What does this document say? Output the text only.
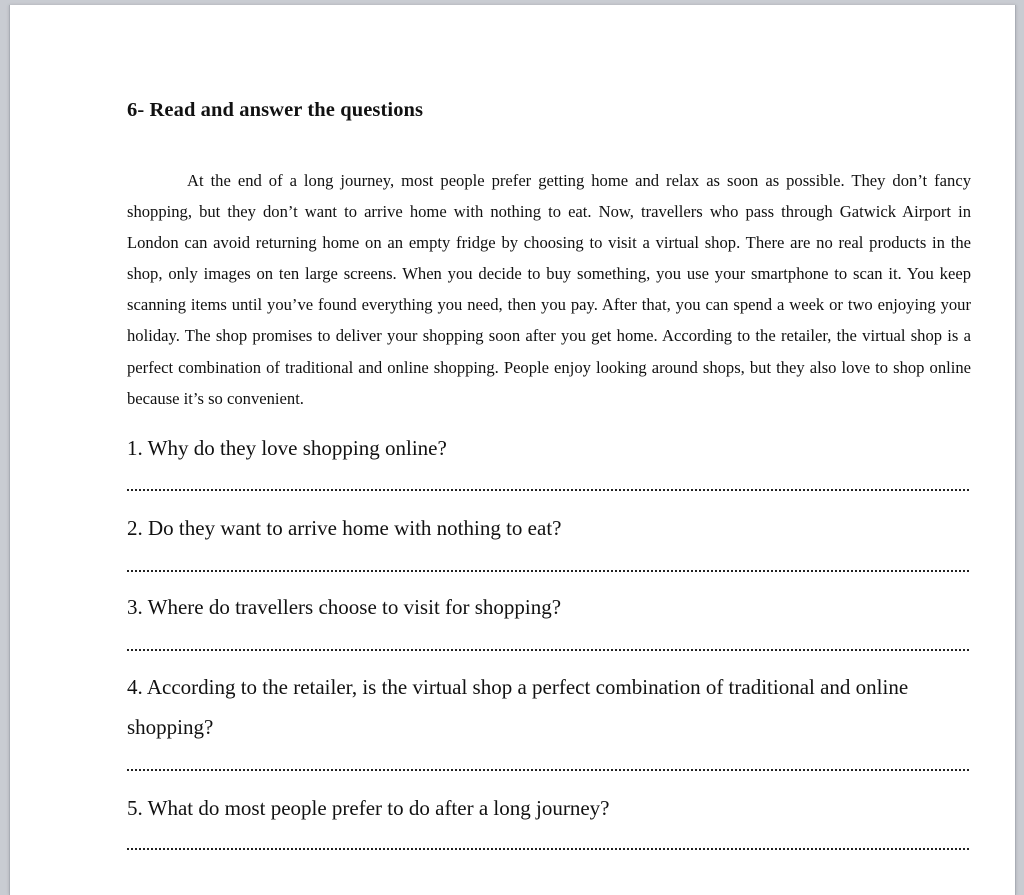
6- Read and answer the questions

At the end of a long journey, most people prefer getting home and relax as soon as possible. They don’t fancy shopping, but they don’t want to arrive home with nothing to eat. Now, travellers who pass through Gatwick Airport in London can avoid returning home on an empty fridge by choosing to visit a virtual shop. There are no real products in the shop, only images on ten large screens. When you decide to buy something, you use your smartphone to scan it. You keep scanning items until you’ve found everything you need, then you pay. After that, you can spend a week or two enjoying your holiday. The shop promises to deliver your shopping soon after you get home. According to the retailer, the virtual shop is a perfect combination of traditional and online shopping. People enjoy looking around shops, but they also love to shop online because it’s so convenient.

1. Why do they love shopping online?

2. Do they want to arrive home with nothing to eat?

3. Where do travellers choose to visit for shopping?

4. According to the retailer, is the virtual shop a perfect combination of traditional and online shopping?

5. What do most people prefer to do after a long journey?
